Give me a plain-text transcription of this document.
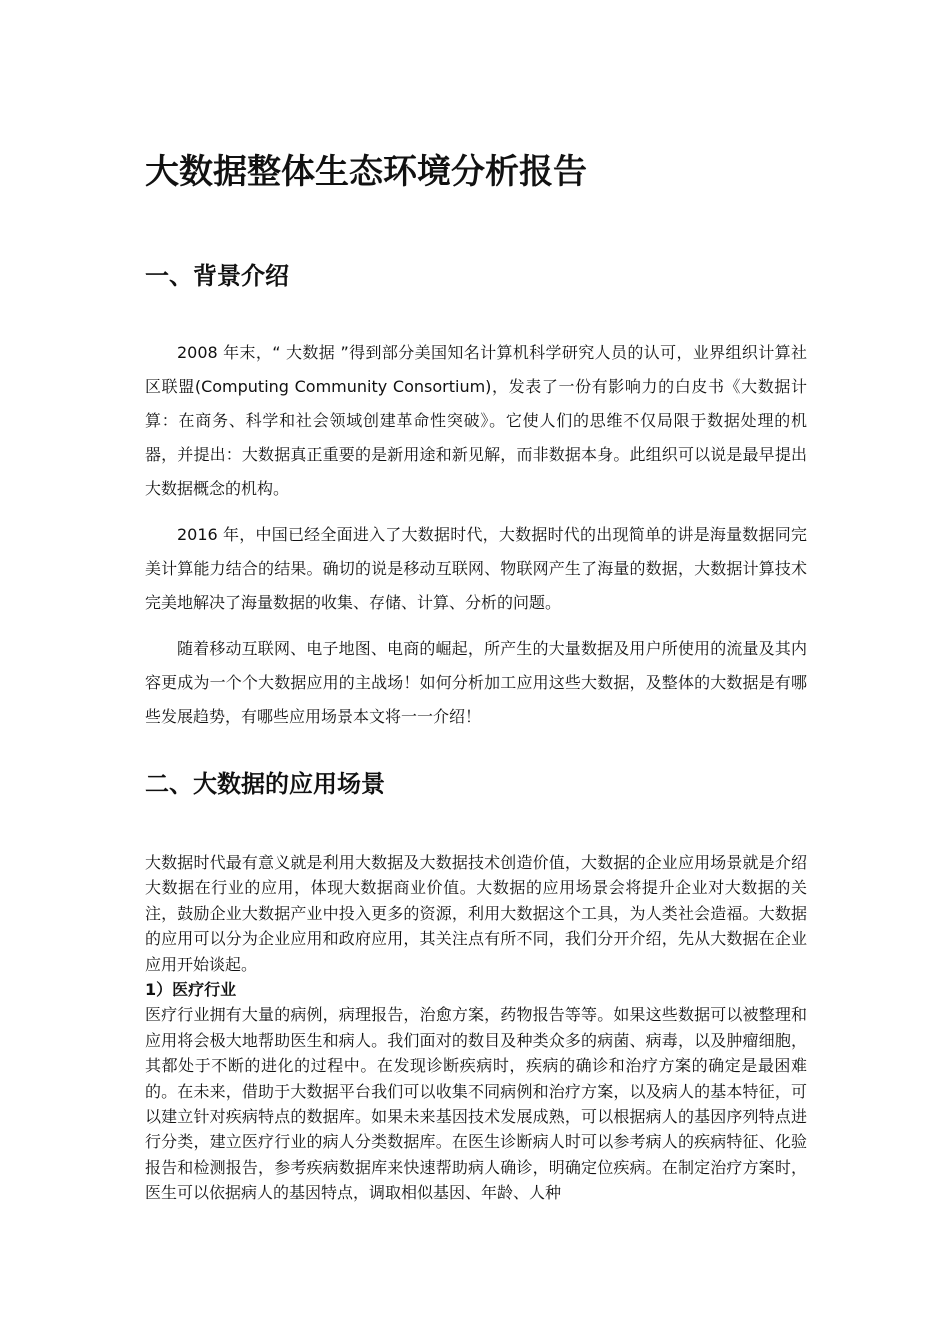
大数据整体生态环境分析报告
一、背景介绍

2008 年末，“ 大数据 ”得到部分美国知名计算机科学研究人员的认可，业界组织计算社区联盟(Computing Community Consortium)，发表了一份有影响力的白皮书《大数据计算：在商务、科学和社会领域创建革命性突破》。它使人们的思维不仅局限于数据处理的机器，并提出：大数据真正重要的是新用途和新见解，而非数据本身。此组织可以说是最早提出大数据概念的机构。

2016 年，中国已经全面进入了大数据时代，大数据时代的出现简单的讲是海量数据同完美计算能力结合的结果。确切的说是移动互联网、物联网产生了海量的数据，大数据计算技术完美地解决了海量数据的收集、存储、计算、分析的问题。

随着移动互联网、电子地图、电商的崛起，所产生的大量数据及用户所使用的流量及其内容更成为一个个大数据应用的主战场！如何分析加工应用这些大数据，及整体的大数据是有哪些发展趋势，有哪些应用场景本文将一一介绍！

二、大数据的应用场景

大数据时代最有意义就是利用大数据及大数据技术创造价值，大数据的企业应用场景就是介绍大数据在行业的应用，体现大数据商业价值。大数据的应用场景会将提升企业对大数据的关注，鼓励企业大数据产业中投入更多的资源，利用大数据这个工具，为人类社会造福。大数据的应用可以分为企业应用和政府应用，其关注点有所不同，我们分开介绍，先从大数据在企业应用开始谈起。

1）医疗行业

医疗行业拥有大量的病例，病理报告，治愈方案，药物报告等等。如果这些数据可以被整理和应用将会极大地帮助医生和病人。我们面对的数目及种类众多的病菌、病毒，以及肿瘤细胞，其都处于不断的进化的过程中。在发现诊断疾病时，疾病的确诊和治疗方案的确定是最困难的。在未来，借助于大数据平台我们可以收集不同病例和治疗方案，以及病人的基本特征，可以建立针对疾病特点的数据库。如果未来基因技术发展成熟，可以根据病人的基因序列特点进行分类，建立医疗行业的病人分类数据库。在医生诊断病人时可以参考病人的疾病特征、化验报告和检测报告，参考疾病数据库来快速帮助病人确诊，明确定位疾病。在制定治疗方案时，医生可以依据病人的基因特点，调取相似基因、年龄、人种
